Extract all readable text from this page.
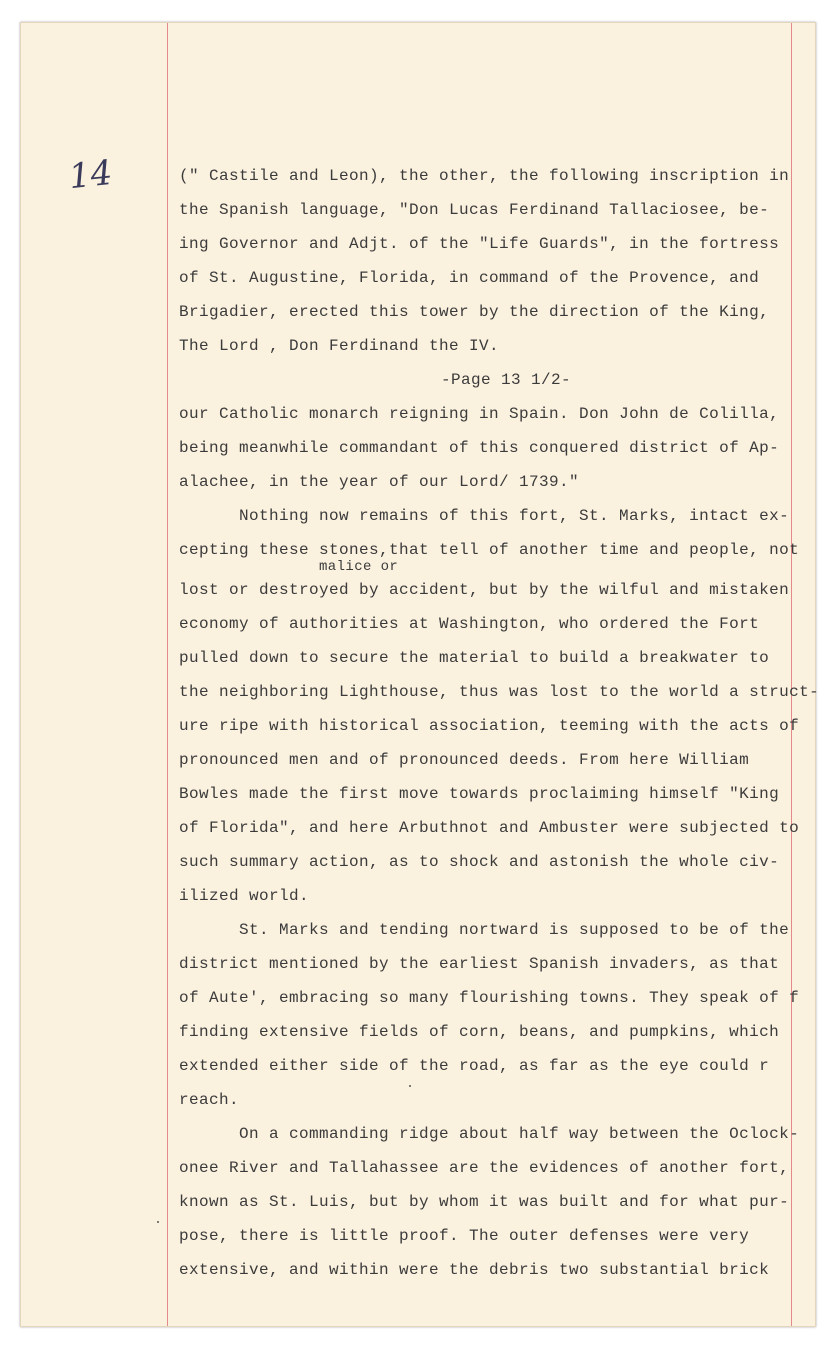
14	(" Castile and Leon), the other, the following inscription in
the Spanish language, "Don Lucas Ferdinand Tallaciosee, be-
ing Governor and Adjt. of the "Life Guards", in the fortress
of St. Augustine, Florida, in command of the Provence, and
Brigadier, erected this tower by the direction of the King,
The Lord , Don Ferdinand the IV.
-Page 13 1/2-
our Catholic monarch reigning in Spain. Don John de Colilla,
being meanwhile commandant of this conquered district of Ap-
alachee, in the year of our Lord/ 1739."
Nothing now remains of this fort, St. Marks, intact ex-
cepting these stones,that tell of another time and people, not
malice or
lost or destroyed by accident, but by the wilful and mistaken
economy of authorities at Washington, who ordered the Fort
pulled down to secure the material to build a breakwater to
the neighboring Lighthouse, thus was lost to the world a struct-
ure ripe with historical association, teeming with the acts of
pronounced men and of pronounced deeds. From here William
Bowles made the first move towards proclaiming himself "King
of Florida", and here Arbuthnot and Ambuster were subjected to
such summary action, as to shock and astonish the whole civ-
ilized world.
St. Marks and tending nortward is supposed to be of the
district mentioned by the earliest Spanish invaders, as that
of Aute', embracing so many flourishing towns. They speak of f
finding extensive fields of corn, beans, and pumpkins, which
extended either side of the road, as far as the eye could r
reach.
On a commanding ridge about half way between the Oclock-
onee River and Tallahassee are the evidences of another fort,
known as St. Luis, but by whom it was built and for what pur-
pose, there is little proof. The outer defenses were very
extensive, and within were the debris two substantial brick
